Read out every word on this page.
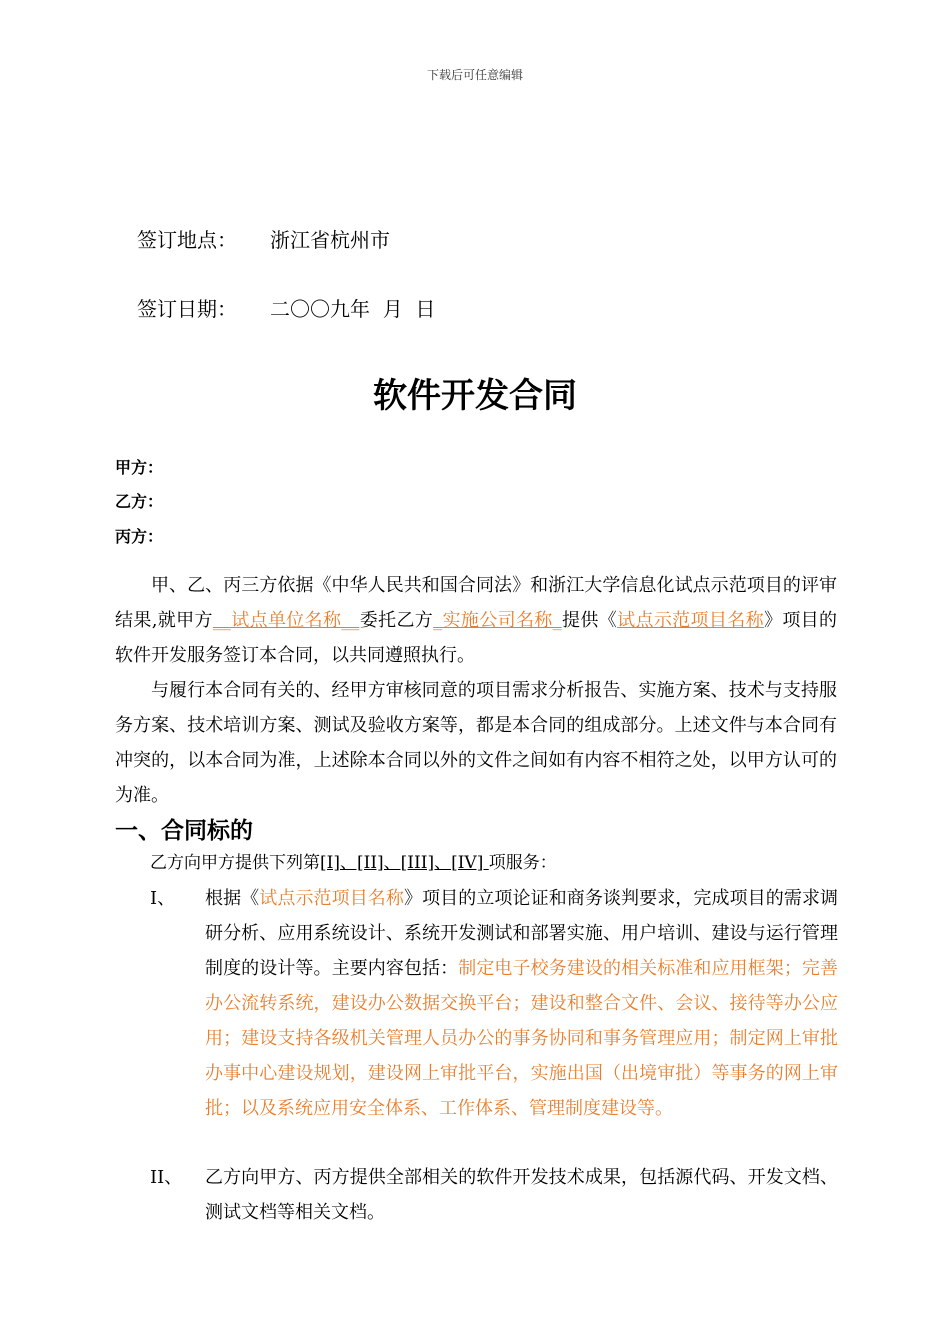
下载后可任意编辑
签订地点： 浙江省杭州市
签订日期： 二〇〇九年  月  日
软件开发合同
甲方：
乙方：
丙方：

甲、乙、丙三方依据《中华人民共和国合同法》和浙江大学信息化试点示范项目的评审结果,就甲方__试点单位名称__委托乙方_实施公司名称_提供《试点示范项目名称》项目的软件开发服务签订本合同，以共同遵照执行。

与履行本合同有关的、经甲方审核同意的项目需求分析报告、实施方案、技术与支持服务方案、技术培训方案、测试及验收方案等，都是本合同的组成部分。上述文件与本合同有冲突的，以本合同为准，上述除本合同以外的文件之间如有内容不相符之处，以甲方认可的为准。

一、合同标的
乙方向甲方提供下列第[I]、[II]、[III]、[IV] 项服务：
I、 根据《试点示范项目名称》项目的立项论证和商务谈判要求，完成项目的需求调研分析、应用系统设计、系统开发测试和部署实施、用户培训、建设与运行管理制度的设计等。主要内容包括：制定电子校务建设的相关标准和应用框架；完善办公流转系统，建设办公数据交换平台；建设和整合文件、会议、接待等办公应用；建设支持各级机关管理人员办公的事务协同和事务管理应用；制定网上审批办事中心建设规划，建设网上审批平台，实施出国（出境审批）等事务的网上审批；以及系统应用安全体系、工作体系、管理制度建设等。
II、 乙方向甲方、丙方提供全部相关的软件开发技术成果，包括源代码、开发文档、测试文档等相关文档。
